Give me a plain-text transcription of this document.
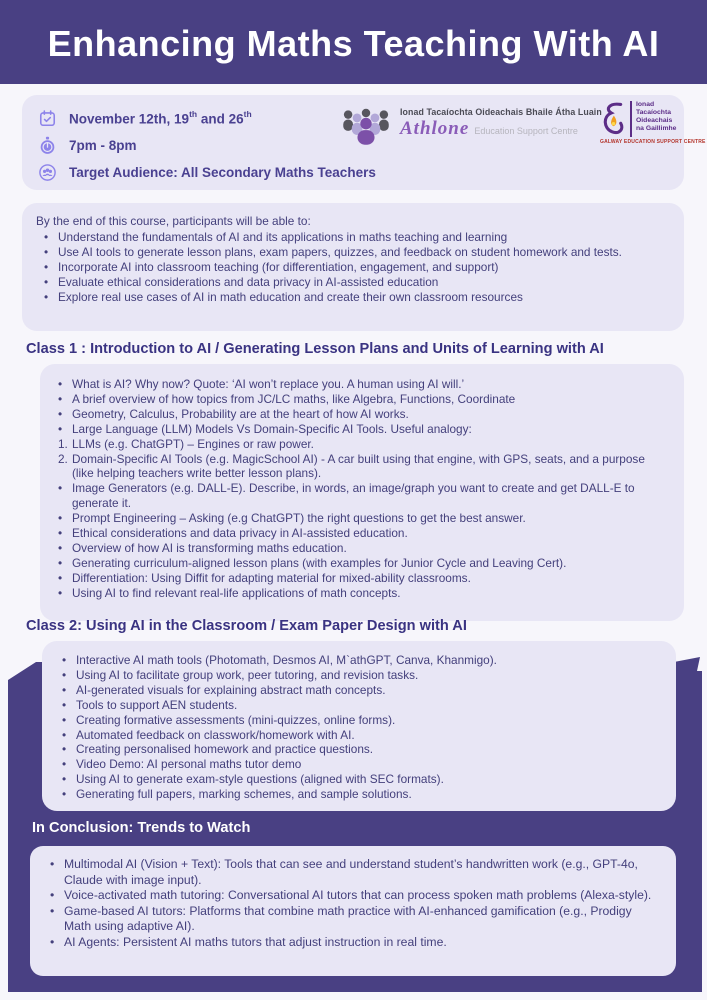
Enhancing Maths Teaching With AI
November 12th, 19th and 26th
7pm - 8pm
Target Audience: All Secondary Maths Teachers
Ionad Tacaíochta Oideachais Bhaile Átha Luain
Athlone Education Support Centre
Ionad
Tacaíochta
Oideachais
na Gaillimhe
GALWAY EDUCATION SUPPORT CENTRE
By the end of this course, participants will be able to:
• Understand the fundamentals of AI and its applications in maths teaching and learning
• Use AI tools to generate lesson plans, exam papers, quizzes, and feedback on student homework and tests.
• Incorporate AI into classroom teaching (for differentiation, engagement, and support)
• Evaluate ethical considerations and data privacy in AI-assisted education
• Explore real use cases of AI in math education and create their own classroom resources
Class 1 : Introduction to AI / Generating Lesson Plans and Units of Learning with AI
• What is AI? Why now? Quote: ‘AI won’t replace you. A human using AI will.’
• A brief overview of how topics from JC/LC maths, like Algebra, Functions, Coordinate
• Geometry, Calculus, Probability are at the heart of how AI works.
• Large Language (LLM) Models Vs Domain-Specific AI Tools. Useful analogy:
1. LLMs (e.g. ChatGPT) – Engines or raw power.
2. Domain-Specific AI Tools (e.g. MagicSchool AI) - A car built using that engine, with GPS, seats, and a purpose (like helping teachers write better lesson plans).
• Image Generators (e.g. DALL-E). Describe, in words, an image/graph you want to create and get DALL-E to generate it.
• Prompt Engineering – Asking (e.g ChatGPT) the right questions to get the best answer.
• Ethical considerations and data privacy in AI-assisted education.
• Overview of how AI is transforming maths education.
• Generating curriculum-aligned lesson plans (with examples for Junior Cycle and Leaving Cert).
• Differentiation: Using Diffit for adapting material for mixed-ability classrooms.
• Using AI to find relevant real-life applications of math concepts.
Class 2: Using AI in the Classroom / Exam Paper Design with AI
• Interactive AI math tools (Photomath, Desmos AI, M`athGPT, Canva, Khanmigo).
• Using AI to facilitate group work, peer tutoring, and revision tasks.
• AI-generated visuals for explaining abstract math concepts.
• Tools to support AEN students.
• Creating formative assessments (mini-quizzes, online forms).
• Automated feedback on classwork/homework with AI.
• Creating personalised homework and practice questions.
• Video Demo: AI personal maths tutor demo
• Using AI to generate exam-style questions (aligned with SEC formats).
• Generating full papers, marking schemes, and sample solutions.
In Conclusion: Trends to Watch
• Multimodal AI (Vision + Text): Tools that can see and understand student’s handwritten work (e.g., GPT-4o, Claude with image input).
• Voice-activated math tutoring: Conversational AI tutors that can process spoken math problems (Alexa-style).
• Game-based AI tutors: Platforms that combine math practice with AI-enhanced gamification (e.g., Prodigy Math using adaptive AI).
• AI Agents: Persistent AI maths tutors that adjust instruction in real time.
